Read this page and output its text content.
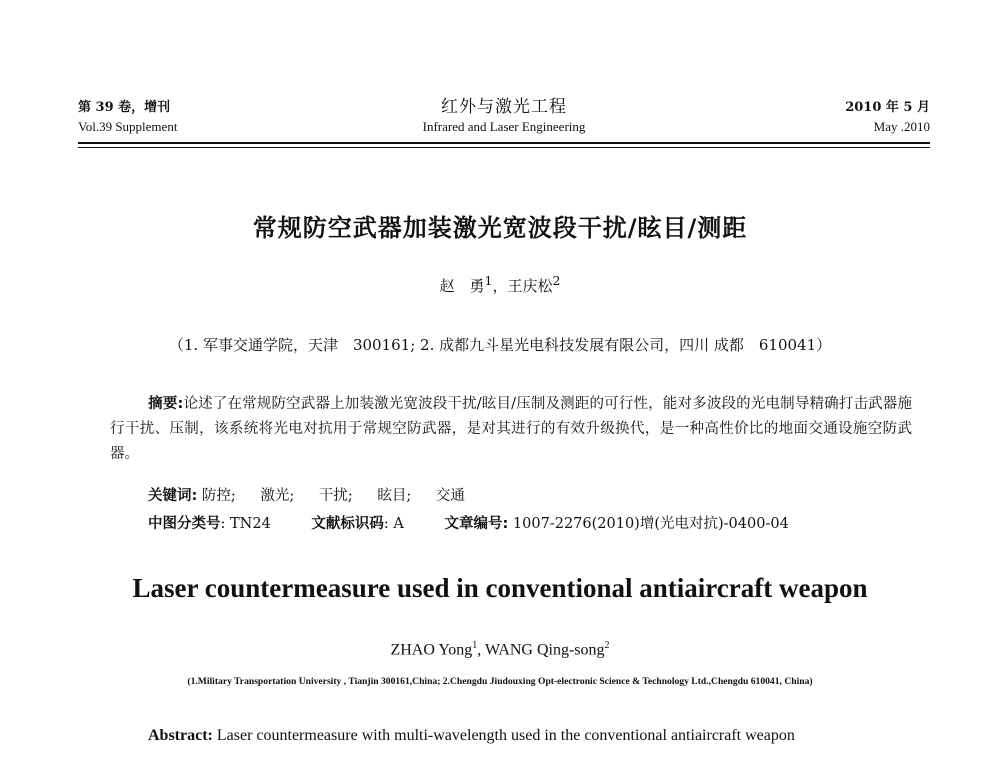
第 39 卷，增刊
Vol.39 Supplement
红外与激光工程
Infrared and Laser Engineering
2010 年 5 月
May .2010
常规防空武器加装激光宽波段干扰/眩目/测距
赵　勇$^1$，王庆松$^2$
（1. 军事交通学院，天津　300161; 2. 成都九斗星光电科技发展有限公司，四川 成都　610041）
摘要:论述了在常规防空武器上加装激光宽波段干扰/眩目/压制及测距的可行性，能对多波段的光电制导精确打击武器施行干扰、压制，该系统将光电对抗用于常规空防武器，是对其进行的有效升级换代，是一种高性价比的地面交通设施空防武器。
关键词: 防控; 激光; 干扰; 眩目; 交通
中图分类号: TN24	文献标识码: A	文章编号: 1007-2276(2010)增(光电对抗)-0400-04
Laser countermeasure used in conventional antiaircraft weapon
ZHAO Yong$^1$, WANG Qing-song$^2$
(1.Military Transportation University , Tianjin 300161,China; 2.Chengdu Jiudouxing Opt-electronic Science & Technology Ltd.,Chengdu 610041, China)
Abstract: Laser countermeasure with multi-wavelength used in the conventional antiaircraft weapon
